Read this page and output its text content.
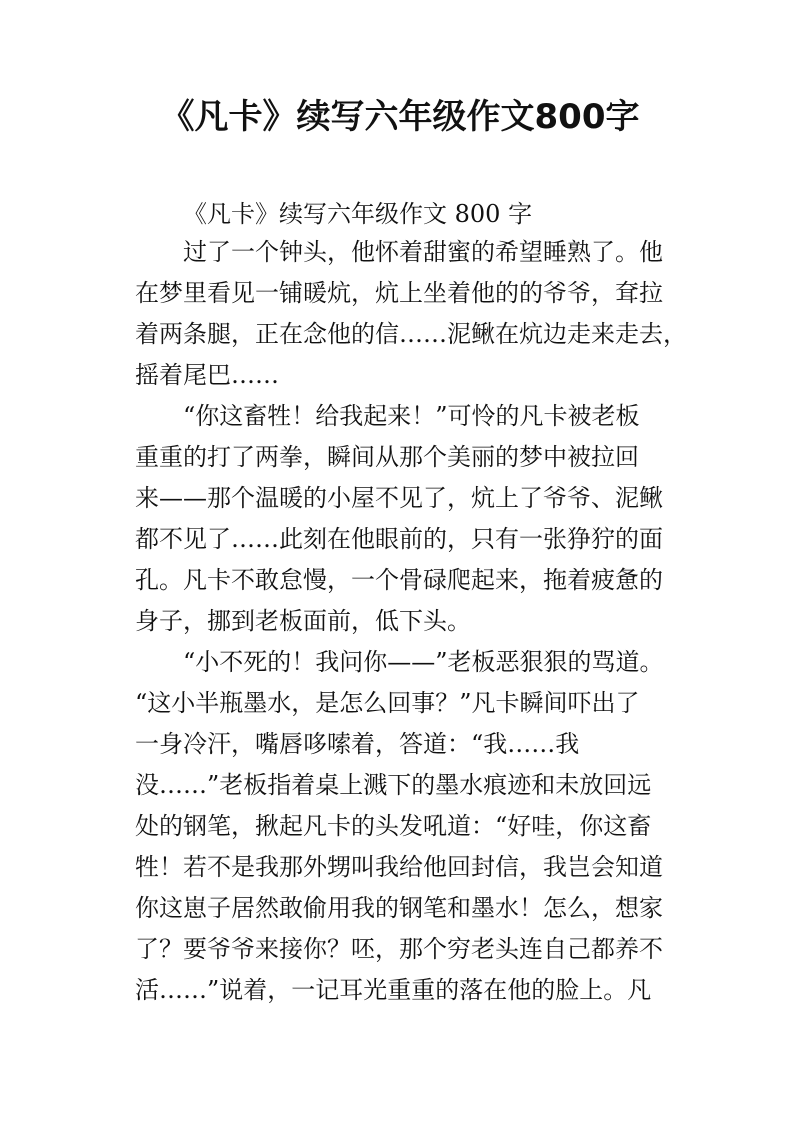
《凡卡》续写六年级作文800字

《凡卡》续写六年级作文 800 字

过了一个钟头，他怀着甜蜜的希望睡熟了。他
在梦里看见一铺暖炕，炕上坐着他的的爷爷，耷拉
着两条腿，正在念他的信……泥鳅在炕边走来走去，
摇着尾巴……

“你这畜牲！给我起来！”可怜的凡卡被老板
重重的打了两拳，瞬间从那个美丽的梦中被拉回
来——那个温暖的小屋不见了，炕上了爷爷、泥鳅
都不见了……此刻在他眼前的，只有一张狰狞的面
孔。凡卡不敢怠慢，一个骨碌爬起来，拖着疲惫的
身子，挪到老板面前，低下头。

“小不死的！我问你——”老板恶狠狠的骂道。
“这小半瓶墨水，是怎么回事？”凡卡瞬间吓出了
一身冷汗，嘴唇哆嗦着，答道：“我……我
没……”老板指着桌上溅下的墨水痕迹和未放回远
处的钢笔，揪起凡卡的头发吼道：“好哇，你这畜
牲！若不是我那外甥叫我给他回封信，我岂会知道
你这崽子居然敢偷用我的钢笔和墨水！怎么，想家
了？要爷爷来接你？呸，那个穷老头连自己都养不
活……”说着，一记耳光重重的落在他的脸上。凡
